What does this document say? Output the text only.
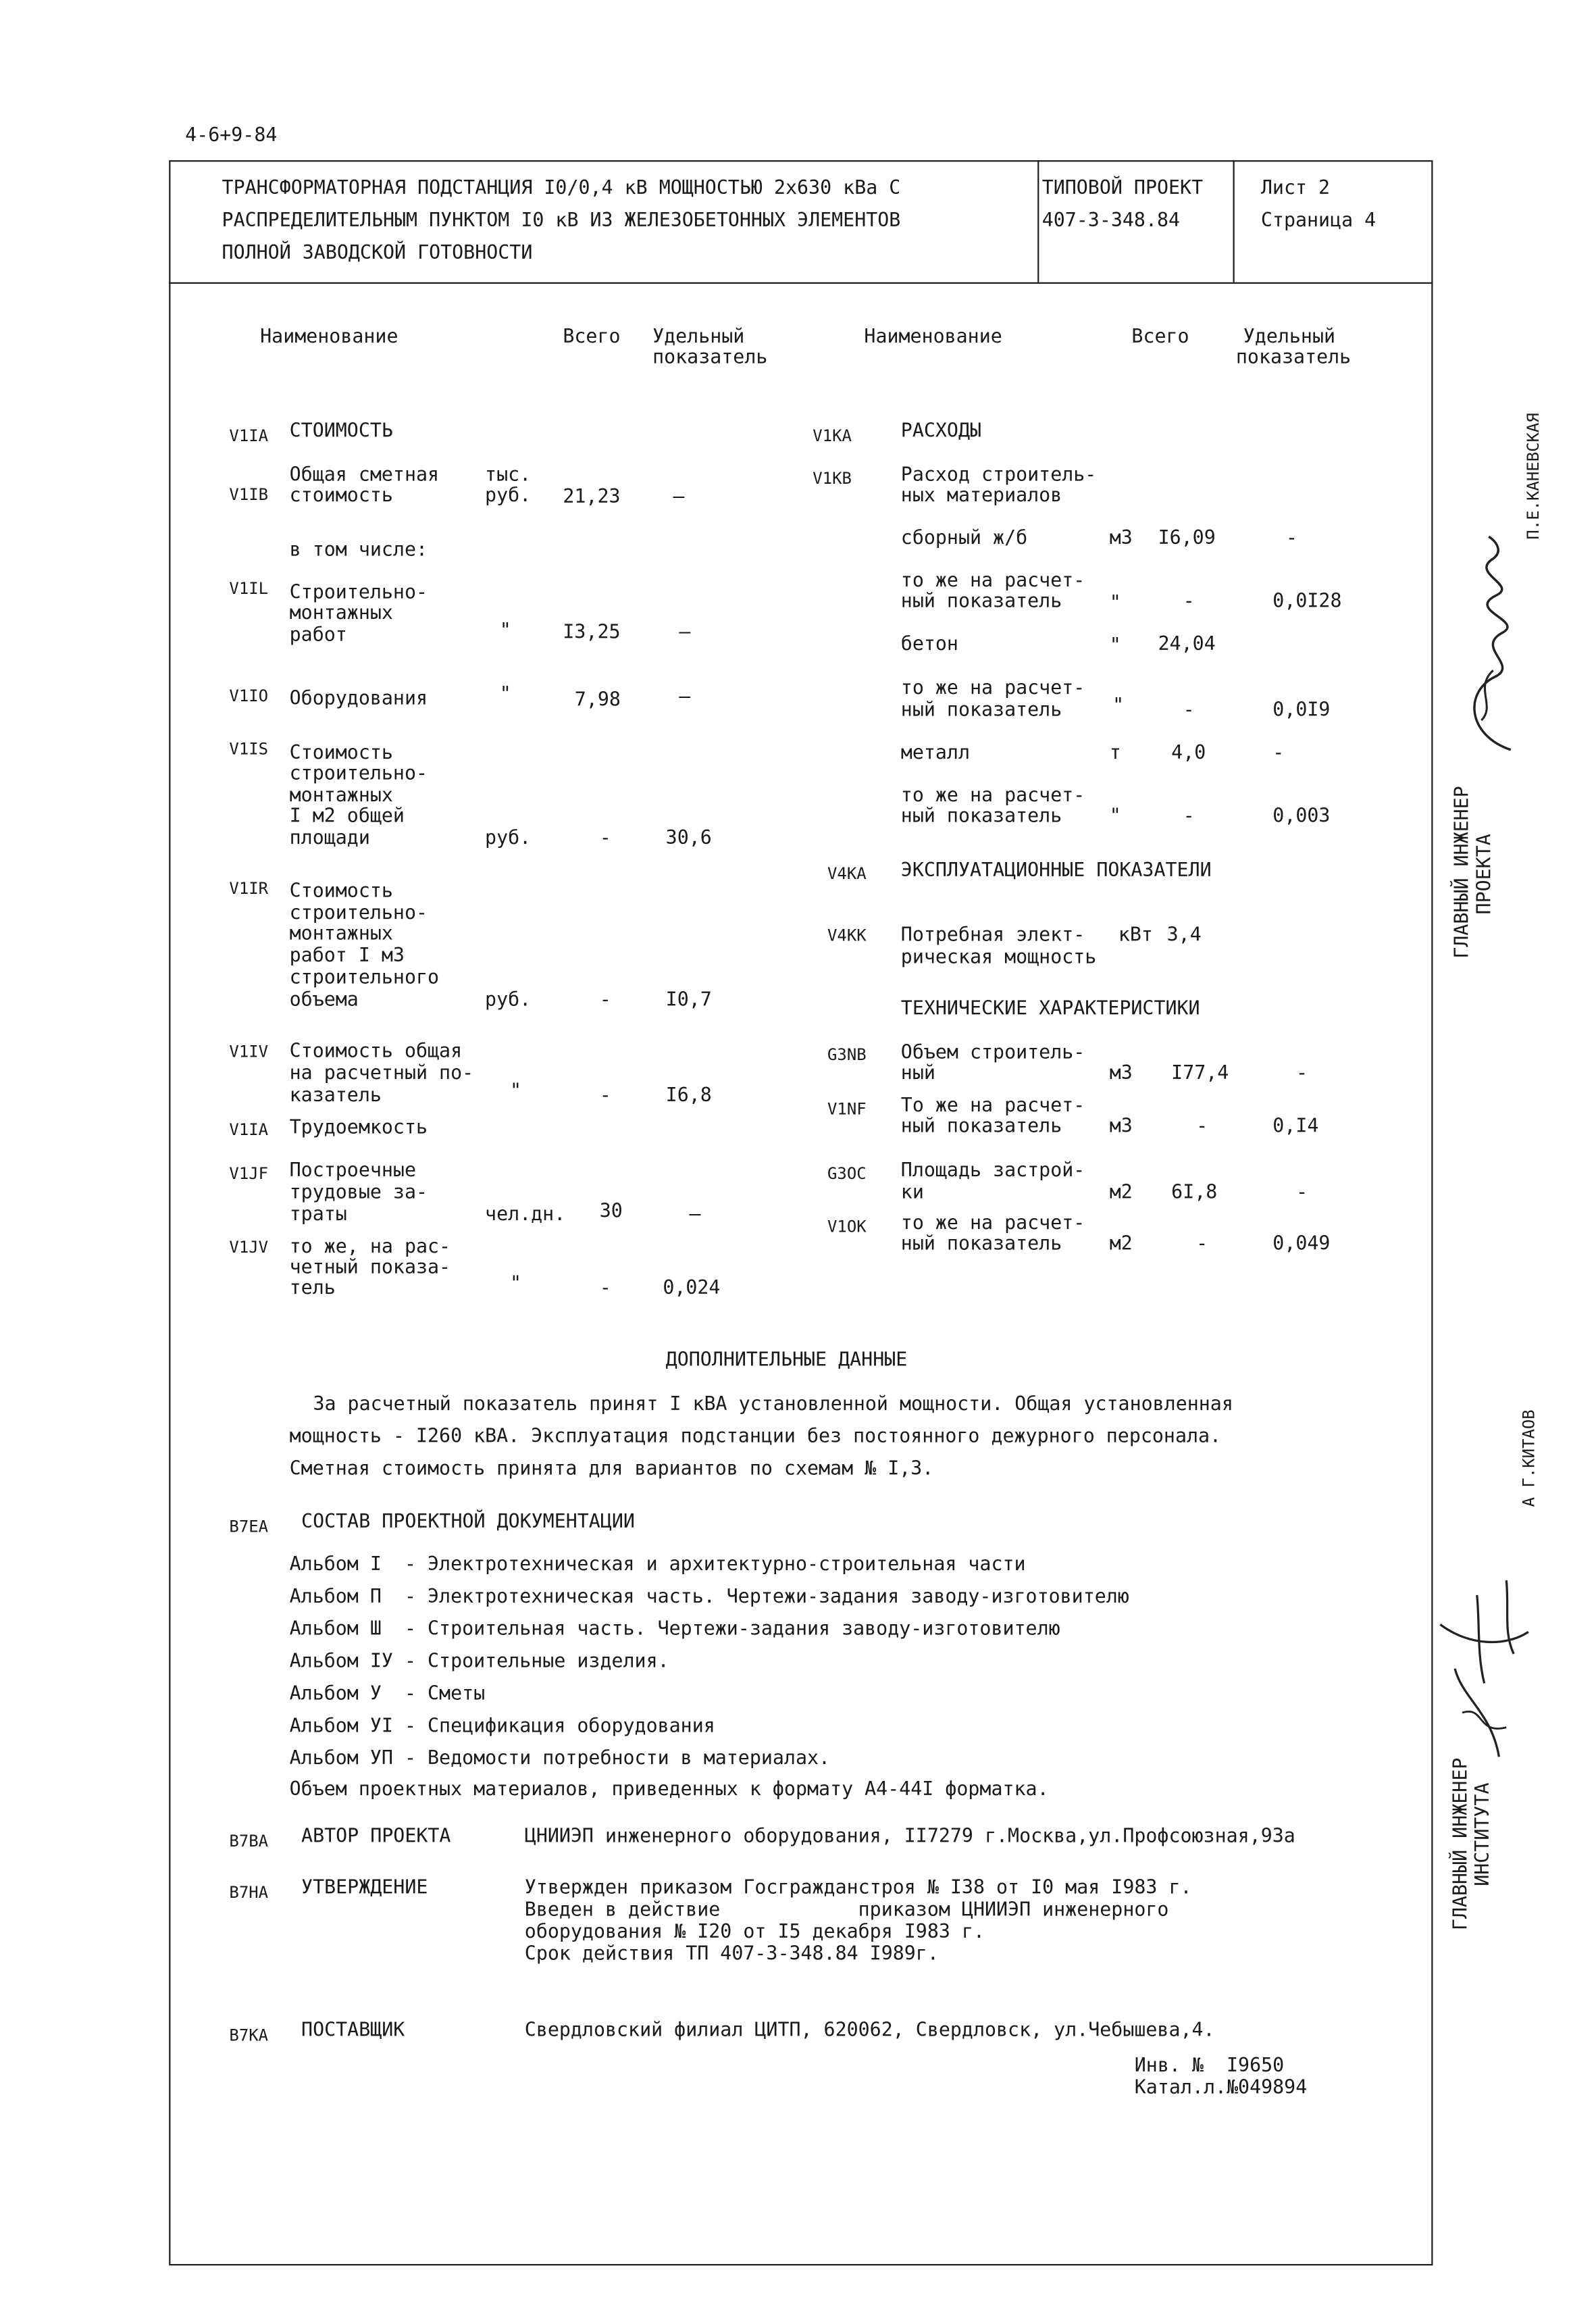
4-6+9-84
ТРАНСФОРМАТОРНАЯ ПОДСТАНЦИЯ I0/0,4 кВ МОЩНОСТЬЮ 2х630 кВа С
РАСПРЕДЕЛИТЕЛЬНЫМ ПУНКТОМ I0 кВ ИЗ ЖЕЛЕЗОБЕТОННЫХ ЭЛЕМЕНТОВ
ПОЛНОЙ ЗАВОДСКОЙ ГОТОВНОСТИ
ТИПОВОЙ ПРОЕКТ
407-3-348.84
Лист 2
Страница 4
Наименование	Всего	Удельный
показатель
Наименование	Всего	Удельный
показатель
V1IA СТОИМОСТЬ
V1IB
Общая сметная
стоимость
тыс.
руб.	21,23	–
в том числе:
V1IL Строительно-
монтажных
работ	"	I3,25	–
V1IO Оборудования	"	7,98	–
V1IS Стоимость
строительно-
монтажных
I м2 общей
площади	руб.	-	30,6
V1IR Стоимость
строительно-
монтажных
работ I м3
строительного
объема	руб.	-	I0,7
V1IV Стоимость общая
на расчетный по-
казатель	"	-	I6,8
V1IA Трудоемкость
V1JF Построечные
трудовые за-
траты	чел.дн.	30	–
V1JV то же, на рас-
четный показа-
тель	"	-	0,024
V1KA	РАСХОДЫ
V1KB	Расход строитель-
ных материалов
сборный ж/б	м3	I6,09	-
то же на расчет-
ный показатель	"	-	0,0I28
бетон	"	24,04
то же на расчет-
ный показатель	"	-	0,0I9
металл	т	4,0	-
то же на расчет-
ный показатель	"	-	0,003
V4KA	ЭКСПЛУАТАЦИОННЫЕ ПОКАЗАТЕЛИ
V4KK	Потребная элект-
рическая мощность
кВт 3,4
ТЕХНИЧЕСКИЕ ХАРАКТЕРИСТИКИ
G3NB	Объем строитель-
ный	м3	I77,4	-
V1NF	То же на расчет-
ный показатель	м3	-	0,I4
G3OC	Площадь застрой-
ки	м2	6I,8	-
V1OK	то же на расчет-
ный показатель	м2	-	0,049
ДОПОЛНИТЕЛЬНЫЕ ДАННЫЕ
За расчетный показатель принят I кВА установленной мощности. Общая установленная
мощность - I260 кВА. Эксплуатация подстанции без постоянного дежурного персонала.
Сметная стоимость принята для вариантов по схемам № I,3.
B7EA	СОСТАВ ПРОЕКТНОЙ ДОКУМЕНТАЦИИ
Альбом I  - Электротехническая и архитектурно-строительная части
Альбом П  - Электротехническая часть. Чертежи-задания заводу-изготовителю
Альбом Ш  - Строительная часть. Чертежи-задания заводу-изготовителю
Альбом IУ - Строительные изделия.
Альбом У  - Сметы
Альбом УI - Спецификация оборудования
Альбом УП - Ведомости потребности в материалах.
Объем проектных материалов, приведенных к формату А4-44I форматка.
B7BA	АВТОР ПРОЕКТА	ЦНИИЭП инженерного оборудования, II7279 г.Москва,ул.Профсоюзная,93а
B7HA	УТВЕРЖДЕНИЕ	Утвержден приказом Госгражданстроя № I38 от I0 мая I983 г.
Введен в действие            приказом ЦНИИЭП инженерного
оборудования № I20 от I5 декабря I983 г.
Срок действия ТП 407-3-348.84 I989г.
B7KA	ПОСТАВЩИК	Свердловский филиал ЦИТП, 620062, Свердловск, ул.Чебышева,4.
Инв. №  I9650
Катал.л.№049894
ГЛАВНЫЙ ИНЖЕНЕР ПРОЕКТА
П.Е.КАНЕВСКАЯ
ГЛАВНЫЙ ИНЖЕНЕР ИНСТИТУТА
А Г.КИТАОВ
